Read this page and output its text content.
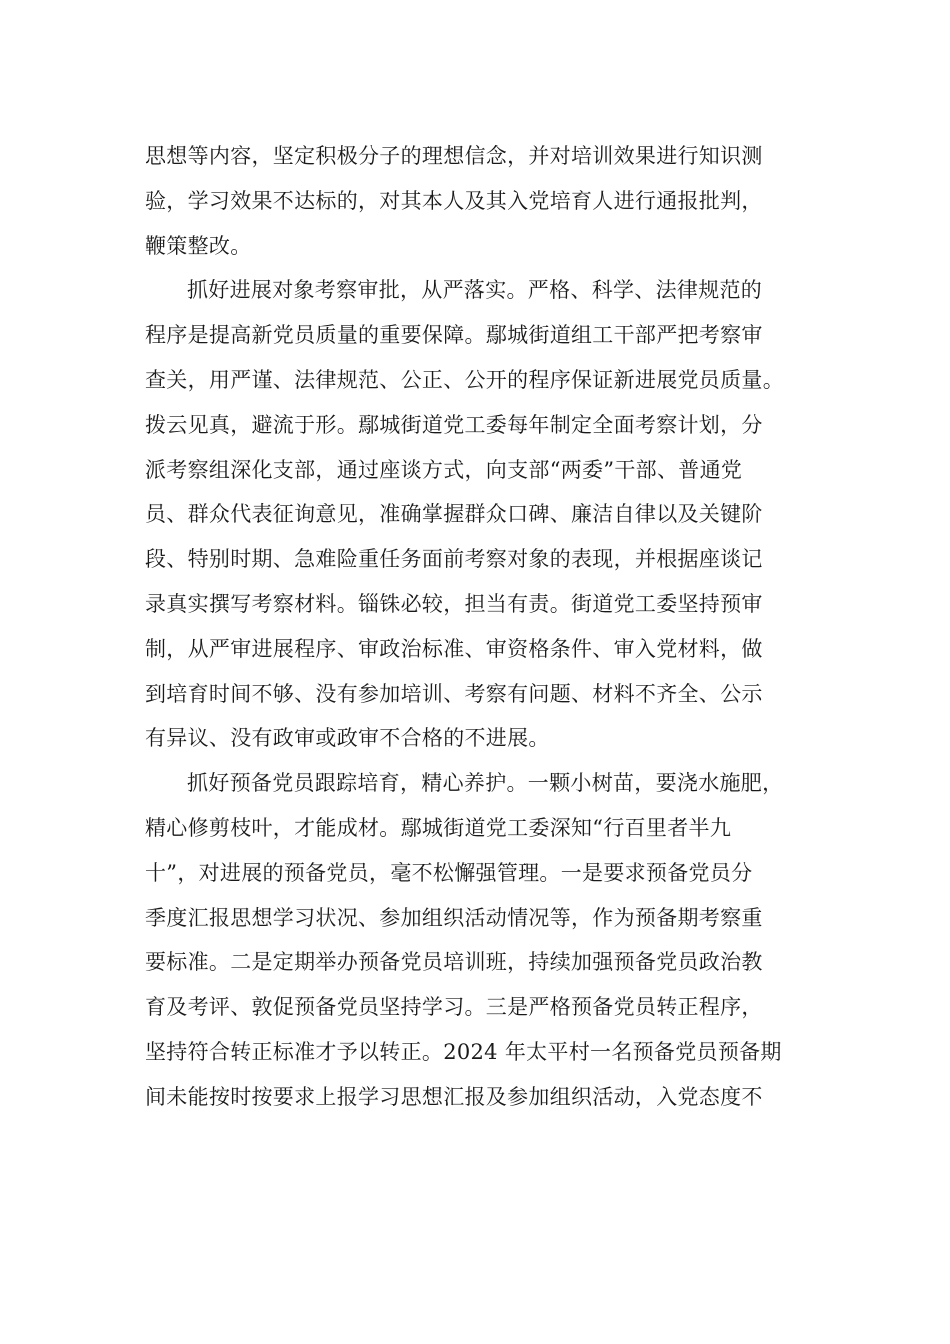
思想等内容，坚定积极分子的理想信念，并对培训效果进行知识测
验，学习效果不达标的，对其本人及其入党培育人进行通报批判，
鞭策整改。

抓好进展对象考察审批，从严落实。严格、科学、法律规范的
程序是提高新党员质量的重要保障。鄢城街道组工干部严把考察审
查关，用严谨、法律规范、公正、公开的程序保证新进展党员质量。
拨云见真，避流于形。鄢城街道党工委每年制定全面考察计划，分
派考察组深化支部，通过座谈方式，向支部“两委”干部、普通党
员、群众代表征询意见，准确掌握群众口碑、廉洁自律以及关键阶
段、特别时期、急难险重任务面前考察对象的表现，并根据座谈记
录真实撰写考察材料。锱铢必较，担当有责。街道党工委坚持预审
制，从严审进展程序、审政治标准、审资格条件、审入党材料，做
到培育时间不够、没有参加培训、考察有问题、材料不齐全、公示
有异议、没有政审或政审不合格的不进展。

抓好预备党员跟踪培育，精心养护。一颗小树苗，要浇水施肥，
精心修剪枝叶，才能成材。鄢城街道党工委深知“行百里者半九
十”，对进展的预备党员，毫不松懈强管理。一是要求预备党员分
季度汇报思想学习状况、参加组织活动情况等，作为预备期考察重
要标准。二是定期举办预备党员培训班，持续加强预备党员政治教
育及考评、敦促预备党员坚持学习。三是严格预备党员转正程序，
坚持符合转正标准才予以转正。2024 年太平村一名预备党员预备期
间未能按时按要求上报学习思想汇报及参加组织活动，入党态度不
